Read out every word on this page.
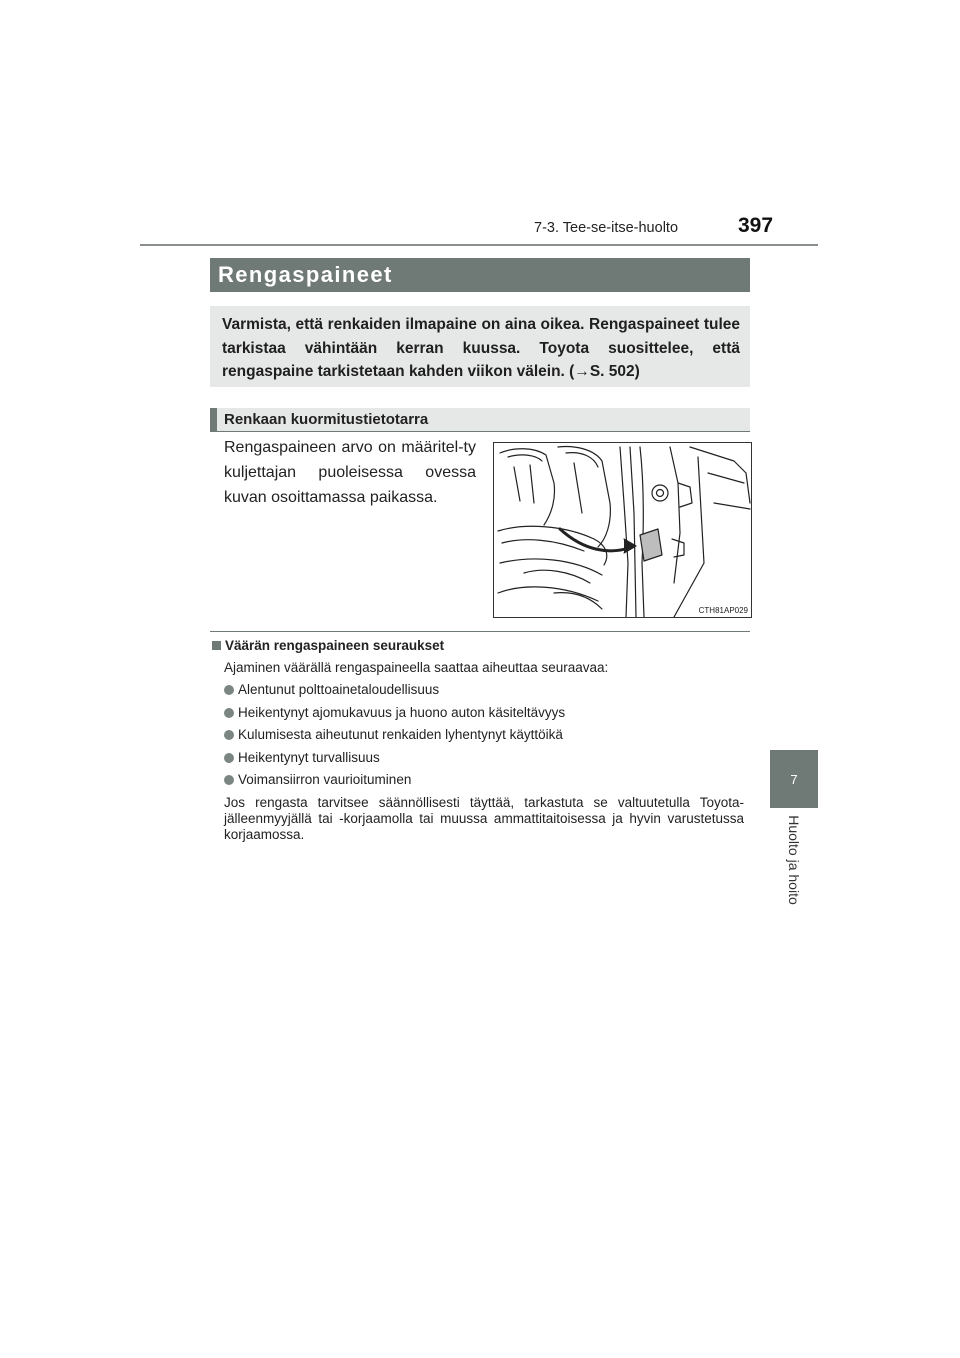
7-3. Tee-se-itse-huolto	397
7
Huolto ja hoito
Rengaspaineet
Varmista, että renkaiden ilmapaine on aina oikea. Rengaspaineet tulee tarkistaa vähintään kerran kuussa. Toyota suosittelee, että rengaspaine tarkistetaan kahden viikon välein. (→S. 502)
Renkaan kuormitustietotarra
Rengaspaineen arvo on määritel-ty kuljettajan puoleisessa ovessa kuvan osoittamassa paikassa.
CTH81AP029
Väärän rengaspaineen seuraukset
Ajaminen väärällä rengaspaineella saattaa aiheuttaa seuraavaa:
Alentunut polttoainetaloudellisuus
Heikentynyt ajomukavuus ja huono auton käsiteltävyys
Kulumisesta aiheutunut renkaiden lyhentynyt käyttöikä
Heikentynyt turvallisuus
Voimansiirron vaurioituminen
Jos rengasta tarvitsee säännöllisesti täyttää, tarkastuta se valtuutetulla Toyota-jälleenmyyjällä tai -korjaamolla tai muussa ammattitaitoisessa ja hyvin varustetussa korjaamossa.
